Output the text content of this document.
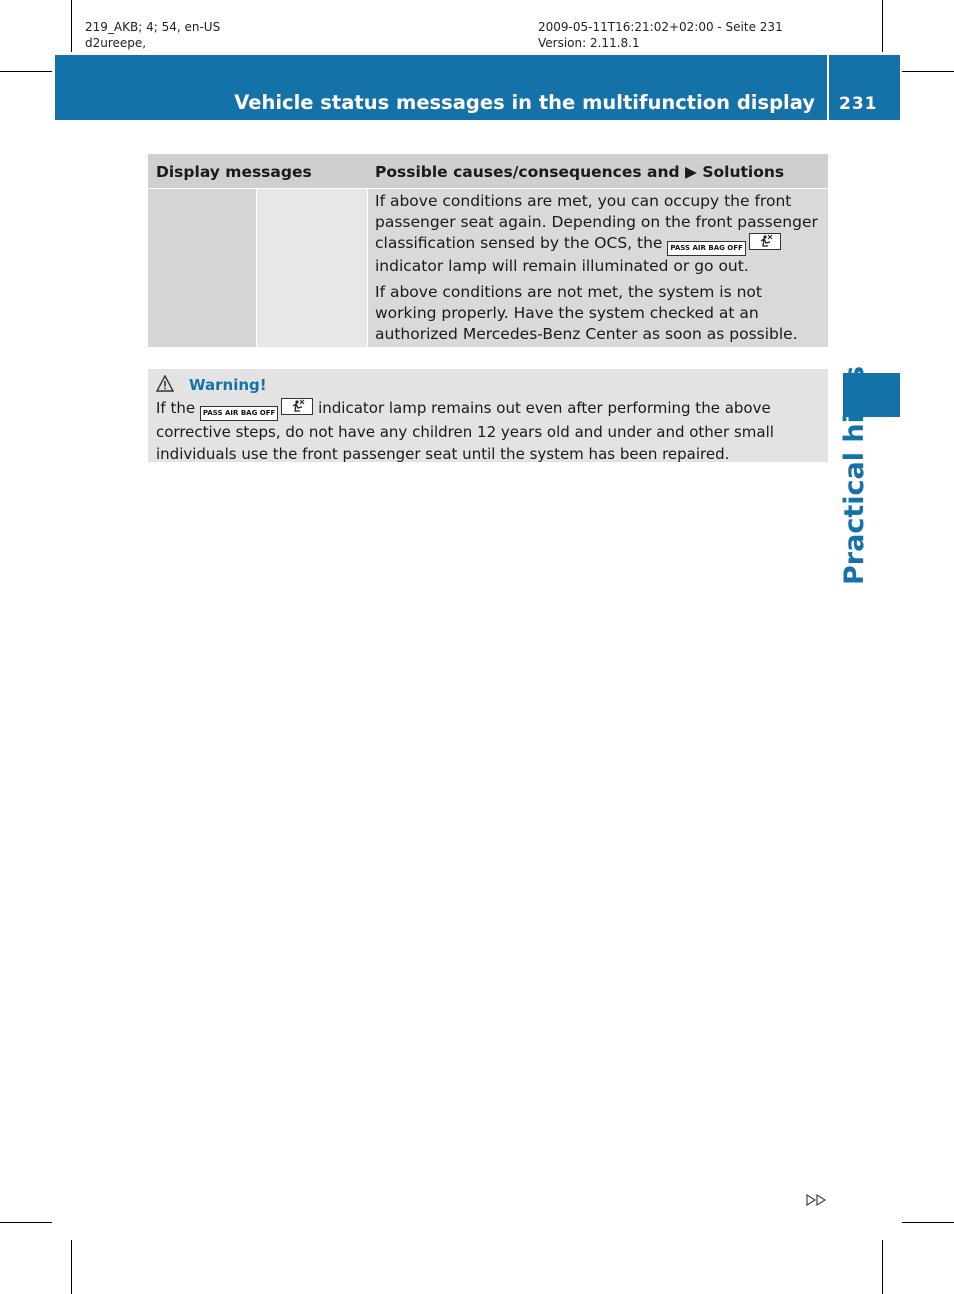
219_AKB; 4; 54, en-US
d2ureepe,
2009-05-11T16:21:02+02:00 - Seite 231
Version: 2.11.8.1
Vehicle status messages in the multifunction display 231
Display messages	Possible causes/consequences and ▶ Solutions

If above conditions are met, you can occupy the front passenger seat again. Depending on the front passenger classification sensed by the OCS, the PASS AIR BAG OFF
indicator lamp will remain illuminated or go out.

If above conditions are not met, the system is not working properly. Have the system checked at an authorized Mercedes-Benz Center as soon as possible.

Warning!
If the PASS AIR BAG OFF	indicator lamp remains out even after performing the above corrective steps, do not have any children 12 years old and under and other small individuals use the front passenger seat until the system has been repaired.	Practical hints
